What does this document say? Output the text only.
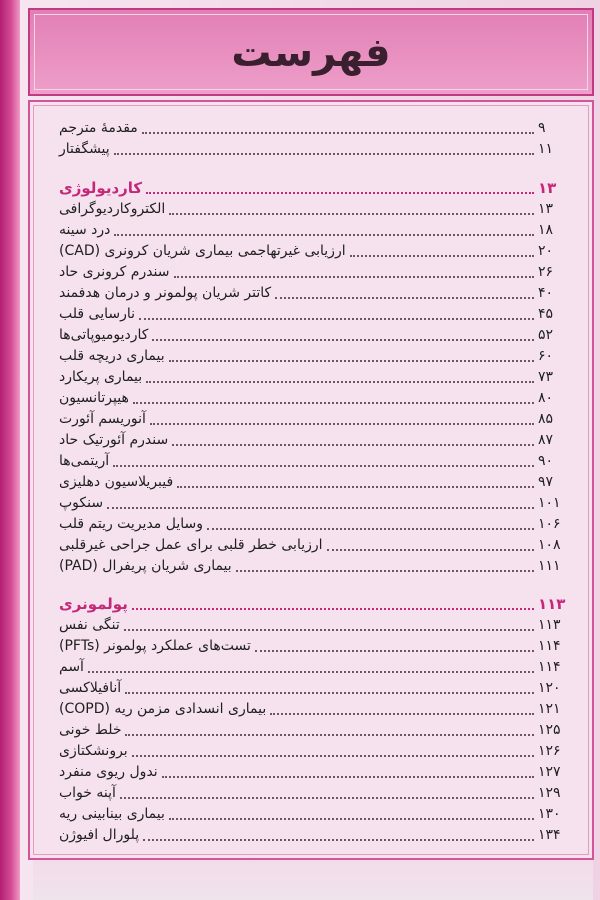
فهرست
مقدمهٔ مترجم	۹
پیشگفتار	۱۱
کاردیولوژی	۱۳
الکتروکاردیوگرافی	۱۳
درد سینه	۱۸
ارزیابی غیرتهاجمی بیماری شریان کرونری (CAD)	۲۰
سندرم کرونری حاد	۲۶
کاتتر شریان پولمونر و درمان هدفمند	۴۰
نارسایی قلب	۴۵
کاردیومیوپاتی‌ها	۵۲
بیماری دریچه قلب	۶۰
بیماری پریکارد	۷۳
هیپرتانسیون	۸۰
آنوریسم آئورت	۸۵
سندرم آئورتیک حاد	۸۷
آریتمی‌ها	۹۰
فیبریلاسیون دهلیزی	۹۷
سنکوپ	۱۰۱
وسایل مدیریت ریتم قلب	۱۰۶
ارزیابی خطر قلبی برای عمل جراحی غیرقلبی	۱۰۸
بیماری شریان پریفرال (PAD)	۱۱۱
پولمونری	۱۱۳
تنگی نفس	۱۱۳
تست‌های عملکرد پولمونر (PFTs)	۱۱۴
آسم	۱۱۴
آنافیلاکسی	۱۲۰
بیماری انسدادی مزمن ریه (COPD)	۱۲۱
خلط خونی	۱۲۵
برونشکتازی	۱۲۶
ندول ریوی منفرد	۱۲۷
آپنه خواب	۱۲۹
بیماری بینابینی ریه	۱۳۰
پلورال افیوژن	۱۳۴
